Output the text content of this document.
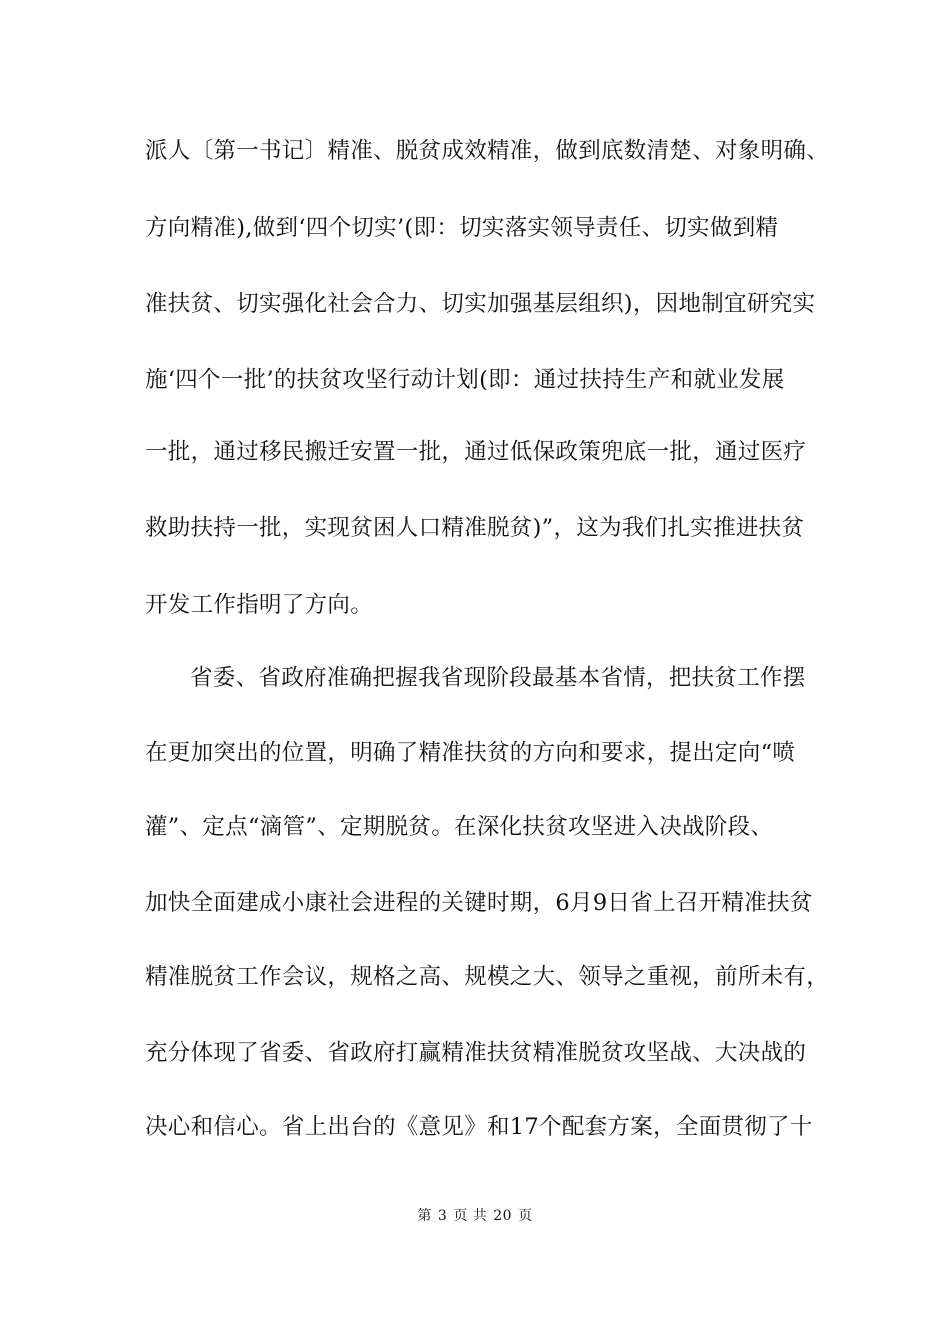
派人〔第一书记〕精准、脱贫成效精准，做到底数清楚、对象明确、
方向精准),做到‘四个切实’(即：切实落实领导责任、切实做到精
准扶贫、切实强化社会合力、切实加强基层组织)，因地制宜研究实
施‘四个一批’的扶贫攻坚行动计划(即：通过扶持生产和就业发展
一批，通过移民搬迁安置一批，通过低保政策兜底一批，通过医疗
救助扶持一批，实现贫困人口精准脱贫)”，这为我们扎实推进扶贫
开发工作指明了方向。
省委、省政府准确把握我省现阶段最基本省情，把扶贫工作摆
在更加突出的位置，明确了精准扶贫的方向和要求，提出定向“喷
灌”、定点“滴管”、定期脱贫。在深化扶贫攻坚进入决战阶段、
加快全面建成小康社会进程的关键时期，6月9日省上召开精准扶贫
精准脱贫工作会议，规格之高、规模之大、领导之重视，前所未有，
充分体现了省委、省政府打赢精准扶贫精准脱贫攻坚战、大决战的
决心和信心。省上出台的《意见》和17个配套方案，全面贯彻了十
第 3 页 共 20 页
